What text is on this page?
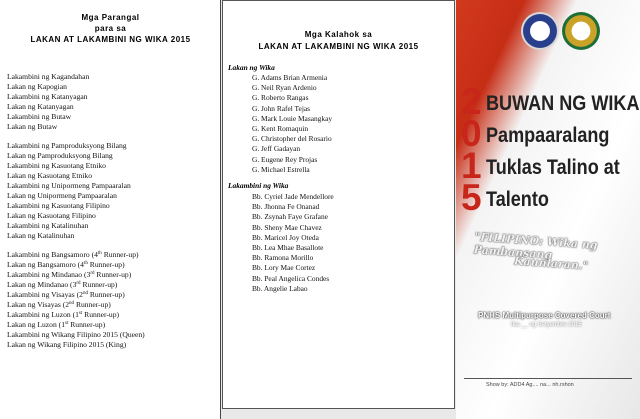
Mga Parangal
para sa
LAKAN AT LAKAMBINI NG WIKA 2015
Lakambini ng Kagandahan
Lakan ng Kapogian
Lakambini ng Katanyagan
Lakan ng Katanyagan
Lakambini ng Butaw
Lakan ng Butaw
Lakambini ng Pamproduksyong Bilang
Lakan ng Pamproduksyong Bilang
Lakambini ng Kasuotang Etniko
Lakan ng Kasuotang Etniko
Lakambini ng Unipormeng Pampaaralan
Lakan ng Unipormeng Pampaaralan
Lakambini ng Kasuotang Filipino
Lakan ng Kasuotang Filipino
Lakambini ng Katalinuhan
Lakan ng Katalinuhan
Lakambini ng Bangsamoro (4th Runner-up)
Lakan ng Bangsamoro (4th Runner-up)
Lakambini ng Mindanao (3rd Runner-up)
Lakan ng Mindanao (3rd Runner-up)
Lakambini ng Visayas (2nd Runner-up)
Lakan ng Visayas (2nd Runner-up)
Lakambini ng Luzon (1st Runner-up)
Lakan ng Luzon (1st Runner-up)
Lakambini ng Wikang Filipino 2015 (Queen)
Lakan ng Wikang Filipino 2015 (King)
Mga Kalahok sa
LAKAN AT LAKAMBINI NG WIKA 2015
Lakan ng Wika
G. Adams Brian Armenia
G. Neil Ryan Ardenio
G. Roberto Rangas
G. John Rafel Tejas
G. Mark Louie Masangkay
G. Kent Romaquin
G. Christopher del Rosario
G. Jeff Gadayan
G. Eugene Rey Projas
G. Michael Estrella
Lakambini ng Wika
Bb. Cyriel Jade Mendellore
Bb. Jhonna Fe Onanad
Bb. Zsynah Faye Grafane
Bb. Sheny Mae Chavez
Bb. Maricel Joy Oteda
Bb. Lea Mhae Basallote
Bb. Ramona Morillo
Bb. Lory Mae Cortez
Bb. Peal Angelica Condes
Bb. Angelie Labao
2
0
1
5
BUWAN NG WIKA
Pampaaralang
Tuklas Talino at
Talento
"FILIPINO: Wika ng Pambansang
Kaunlaran."
PNHS Multipurpose Covered Court
Ika-__ ng Setyembre 2015
Show by: ADD4 Ag.... na... nh.rshon
